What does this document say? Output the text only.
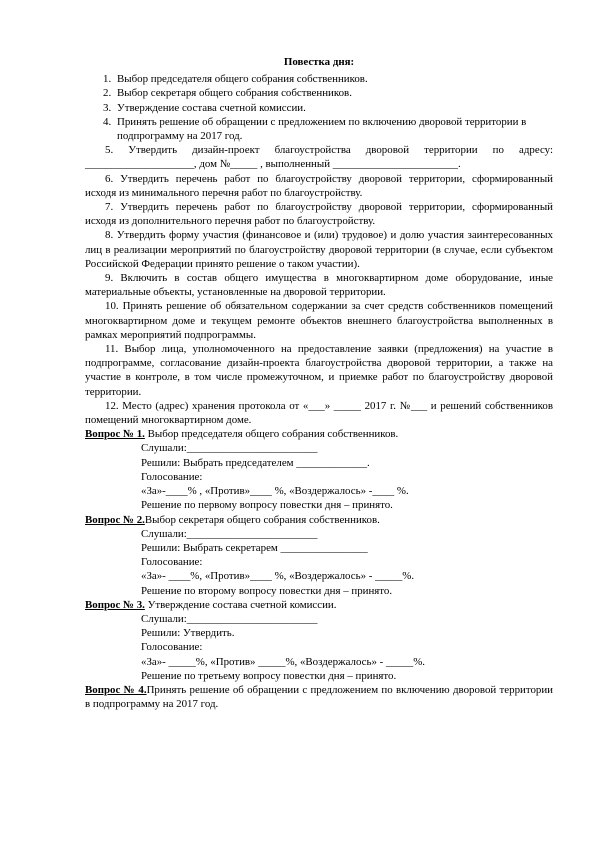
Повестка дня:
1. Выбор председателя общего собрания собственников.
2. Выбор секретаря общего собрания собственников.
3. Утверждение состава счетной комиссии.
4. Принять решение об обращении с предложением по включению дворовой территории в подпрограмму на 2017 год.
5. Утвердить дизайн-проект благоустройства дворовой территории по адресу: ____________________, дом №_____ , выполненный _______________________.
6. Утвердить перечень работ по благоустройству дворовой территории, сформированный исходя из минимального перечня работ по благоустройству.
7. Утвердить перечень работ по благоустройству дворовой территории, сформированный исходя из дополнительного перечня работ по благоустройству.
8. Утвердить форму участия (финансовое и (или) трудовое) и долю участия заинтересованных лиц в реализации мероприятий по благоустройству дворовой территории (в случае, если субъектом Российской Федерации принято решение о таком участии).
9. Включить в состав общего имущества в многоквартирном доме оборудование, иные материальные объекты, установленные на дворовой территории.
10. Принять решение об обязательном содержании за счет средств собственников помещений многоквартирном доме и текущем ремонте объектов внешнего благоустройства выполненных в рамках мероприятий подпрограммы.
11. Выбор лица, уполномоченного на предоставление заявки (предложения) на участие в подпрограмме, согласование дизайн-проекта благоустройства дворовой территории, а также на участие в контроле, в том числе промежуточном, и приемке работ по благоустройству дворовой территории.
12. Место (адрес) хранения протокола от «___» _____ 2017 г. №___ и решений собственников помещений многоквартирном доме.
Вопрос № 1. Выбор председателя общего собрания собственников.
Слушали:________________________
Решили: Выбрать председателем _____________.
Голосование:
«За»-____% , «Против»____ %, «Воздержалось» -____ %.
Решение по первому вопросу повестки дня – принято.
Вопрос № 2.Выбор секретаря общего собрания собственников.
Слушали:________________________
Решили: Выбрать секретарем ________________
Голосование:
«За»- ____%, «Против»____ %, «Воздержалось» - _____%.
Решение по второму вопросу повестки дня – принято.
Вопрос № 3. Утверждение состава счетной комиссии.
Слушали:________________________
Решили: Утвердить.
Голосование:
«За»- _____%, «Против» _____%, «Воздержалось» - _____%.
Решение по третьему вопросу повестки дня – принято.
Вопрос № 4.Принять решение об обращении с предложением по включению дворовой территории в подпрограмму на 2017 год.
